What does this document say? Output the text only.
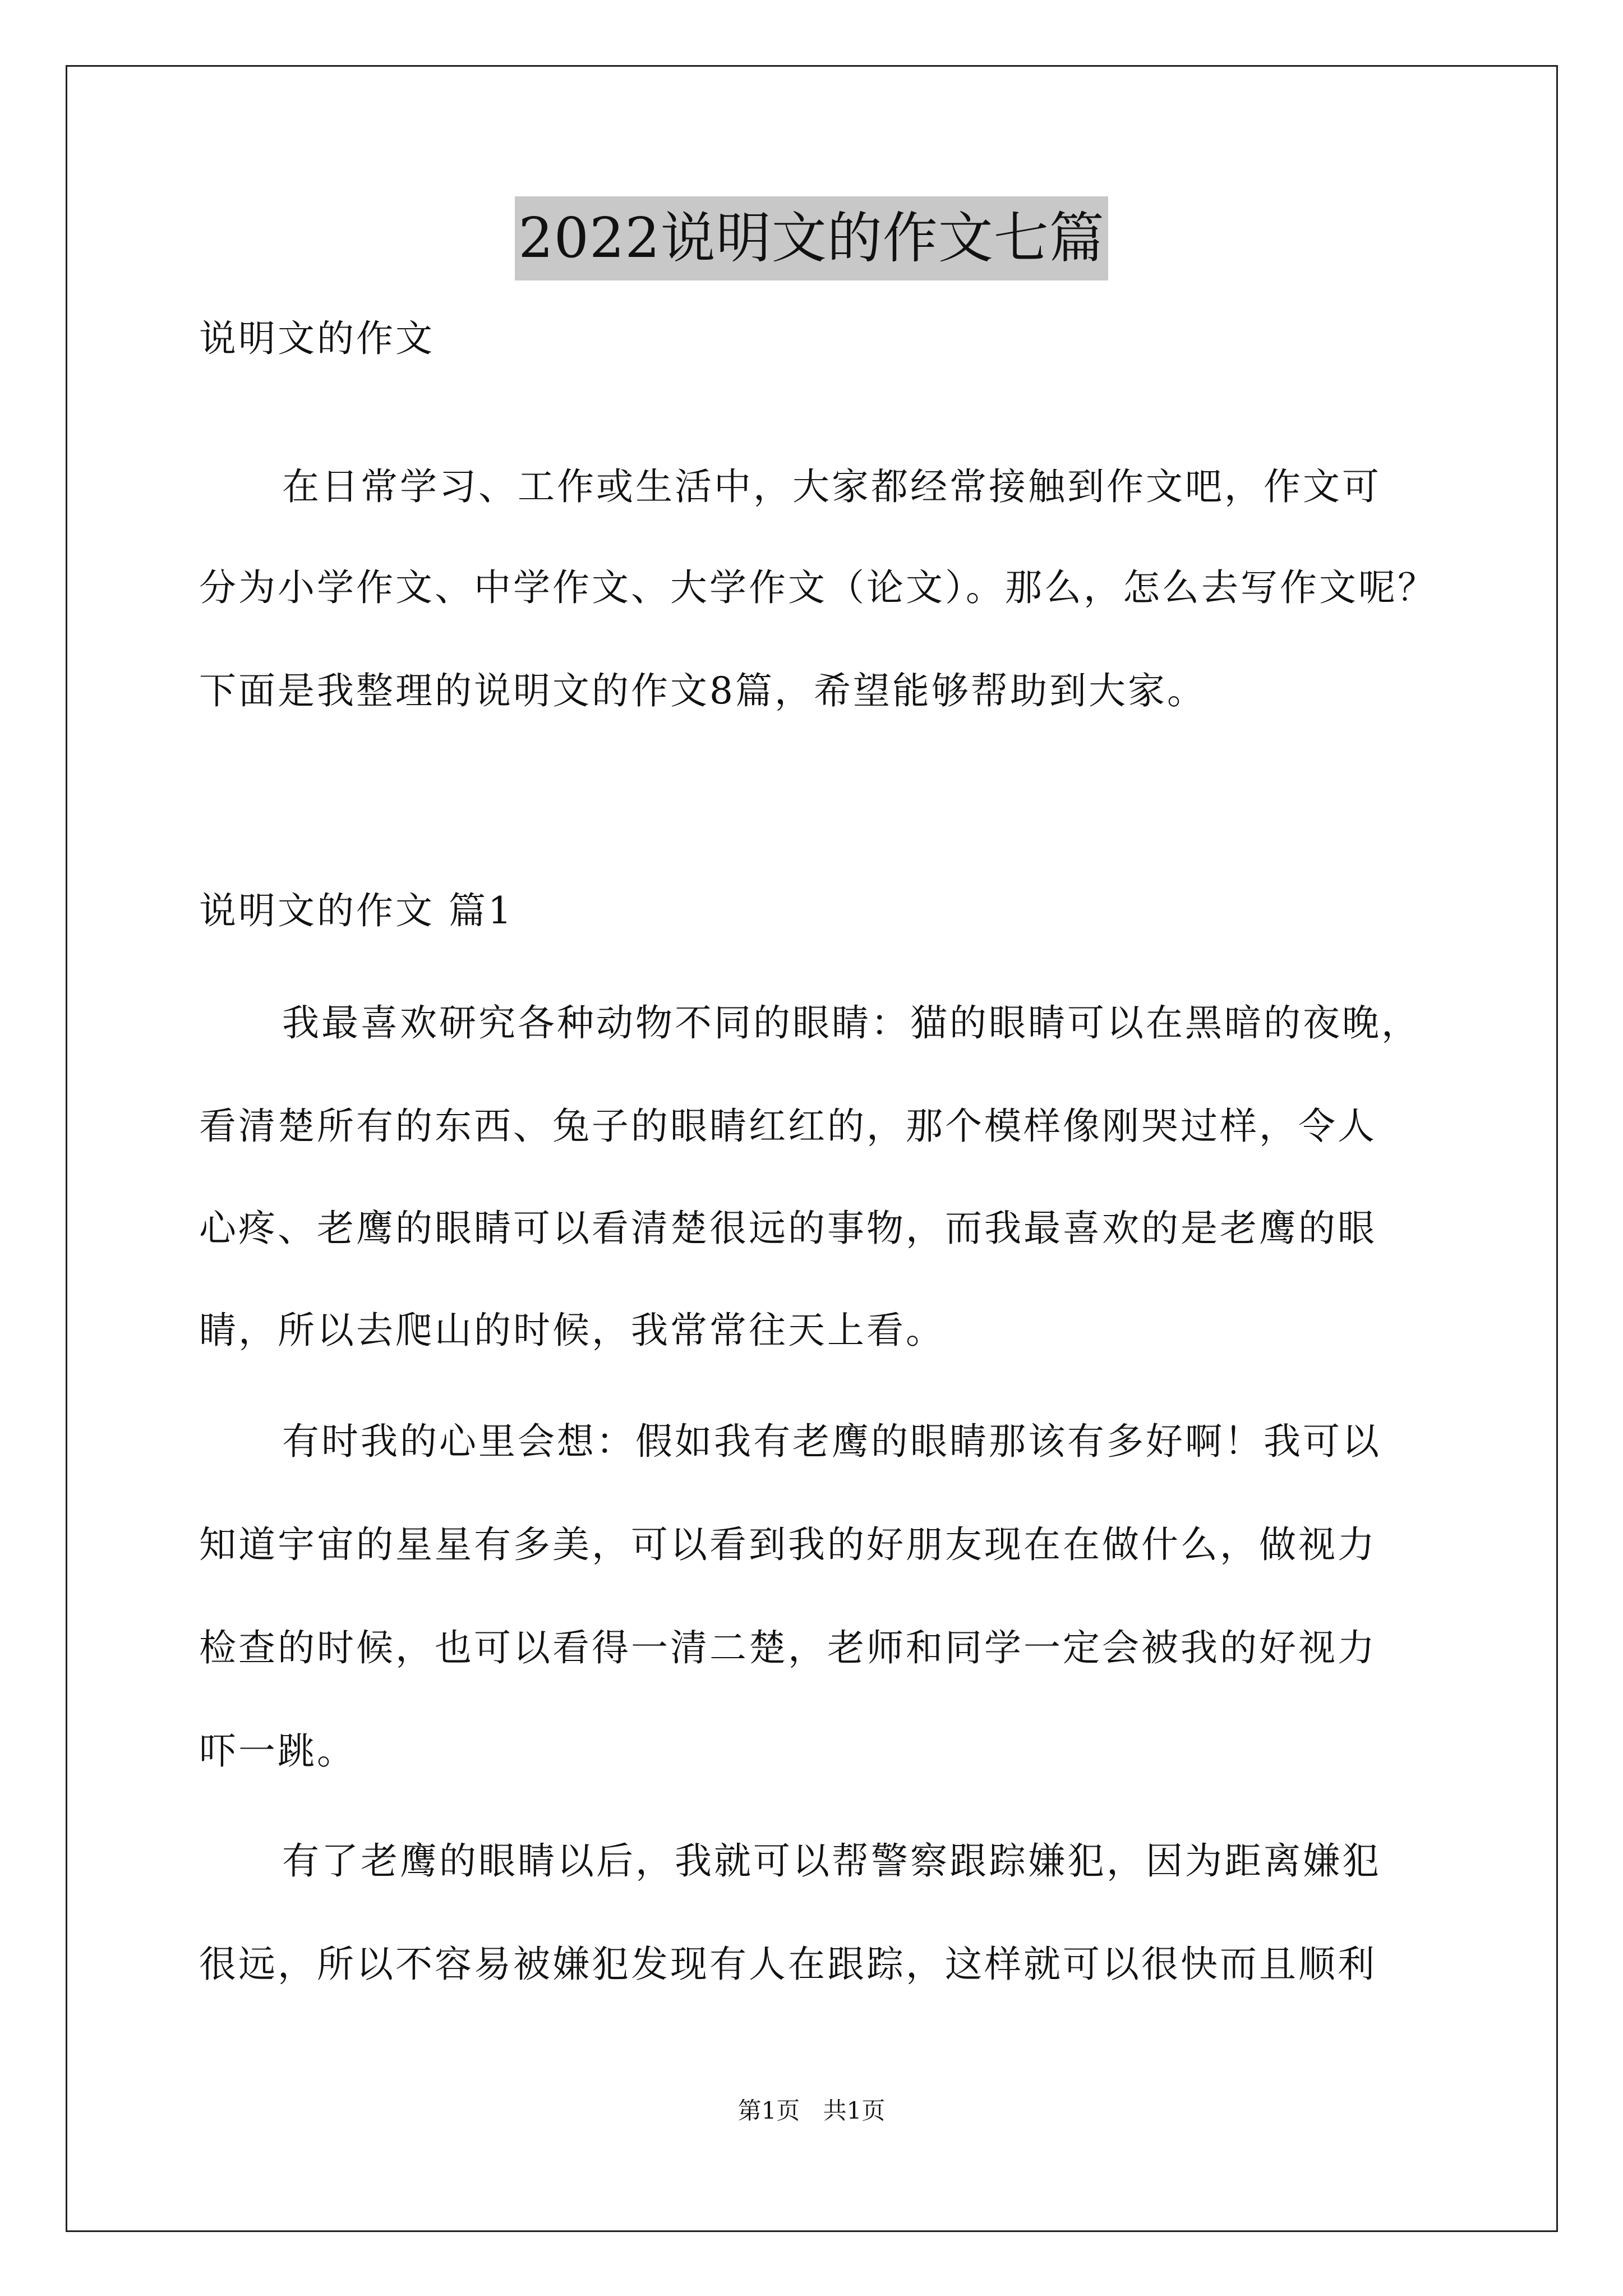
2022说明文的作文七篇
说明文的作文
在日常学习、工作或生活中，大家都经常接触到作文吧，作文可
分为小学作文、中学作文、大学作文（论文）。那么，怎么去写作文呢？
下面是我整理的说明文的作文8篇，希望能够帮助到大家。
说明文的作文 篇1
我最喜欢研究各种动物不同的眼睛：猫的眼睛可以在黑暗的夜晚，
看清楚所有的东西、兔子的眼睛红红的，那个模样像刚哭过样，令人
心疼、老鹰的眼睛可以看清楚很远的事物，而我最喜欢的是老鹰的眼
睛，所以去爬山的时候，我常常往天上看。
有时我的心里会想：假如我有老鹰的眼睛那该有多好啊！我可以
知道宇宙的星星有多美，可以看到我的好朋友现在在做什么，做视力
检查的时候，也可以看得一清二楚，老师和同学一定会被我的好视力
吓一跳。
有了老鹰的眼睛以后，我就可以帮警察跟踪嫌犯，因为距离嫌犯
很远，所以不容易被嫌犯发现有人在跟踪，这样就可以很快而且顺利
第1页 共1页
